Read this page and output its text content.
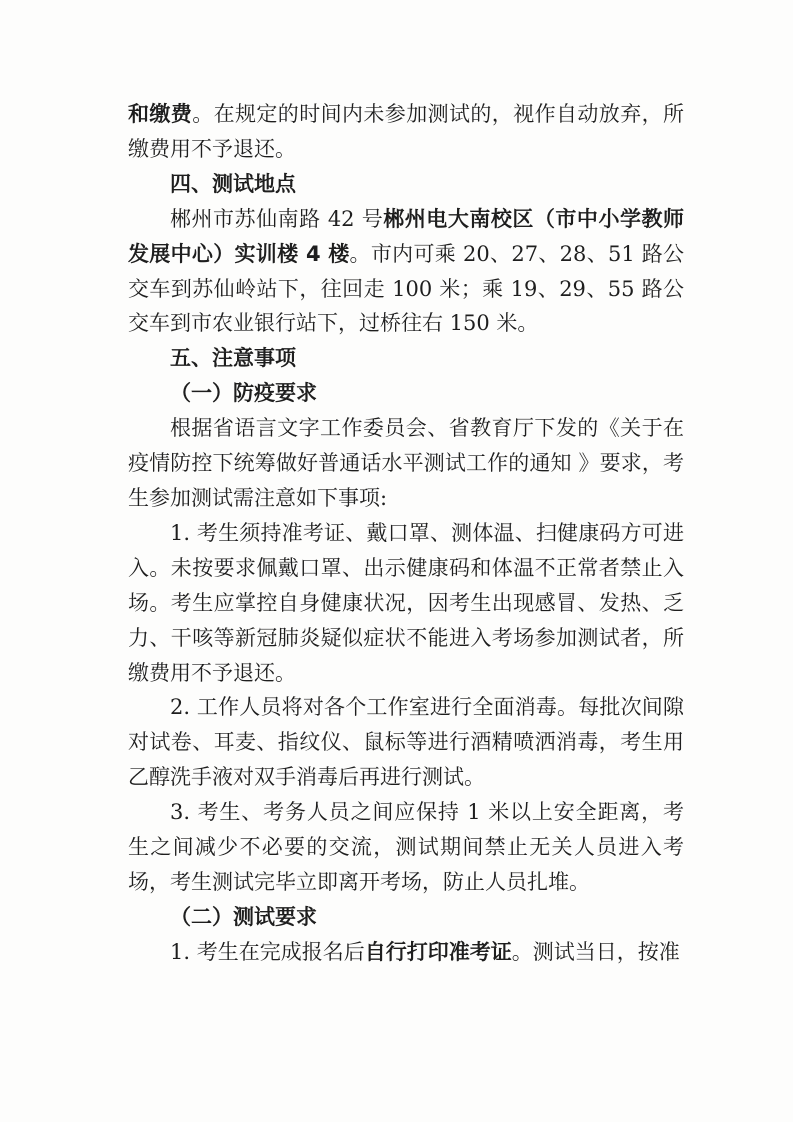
和缴费。在规定的时间内未参加测试的，视作自动放弃，所缴费用不予退还。

四、测试地点

郴州市苏仙南路 42 号郴州电大南校区（市中小学教师发展中心）实训楼 4 楼。市内可乘 20、27、28、51 路公交车到苏仙岭站下，往回走 100 米；乘 19、29、55 路公交车到市农业银行站下，过桥往右 150 米。

五、注意事项

（一）防疫要求

根据省语言文字工作委员会、省教育厅下发的《关于在疫情防控下统筹做好普通话水平测试工作的通知 》要求，考生参加测试需注意如下事项:

1. 考生须持准考证、戴口罩、测体温、扫健康码方可进入。未按要求佩戴口罩、出示健康码和体温不正常者禁止入场。考生应掌控自身健康状况，因考生出现感冒、发热、乏力、干咳等新冠肺炎疑似症状不能进入考场参加测试者，所缴费用不予退还。

2. 工作人员将对各个工作室进行全面消毒。每批次间隙对试卷、耳麦、指纹仪、鼠标等进行酒精喷洒消毒，考生用乙醇洗手液对双手消毒后再进行测试。

3. 考生、考务人员之间应保持 1 米以上安全距离，考生之间减少不必要的交流，测试期间禁止无关人员进入考场，考生测试完毕立即离开考场，防止人员扎堆。

（二）测试要求

1. 考生在完成报名后自行打印准考证。测试当日，按准
